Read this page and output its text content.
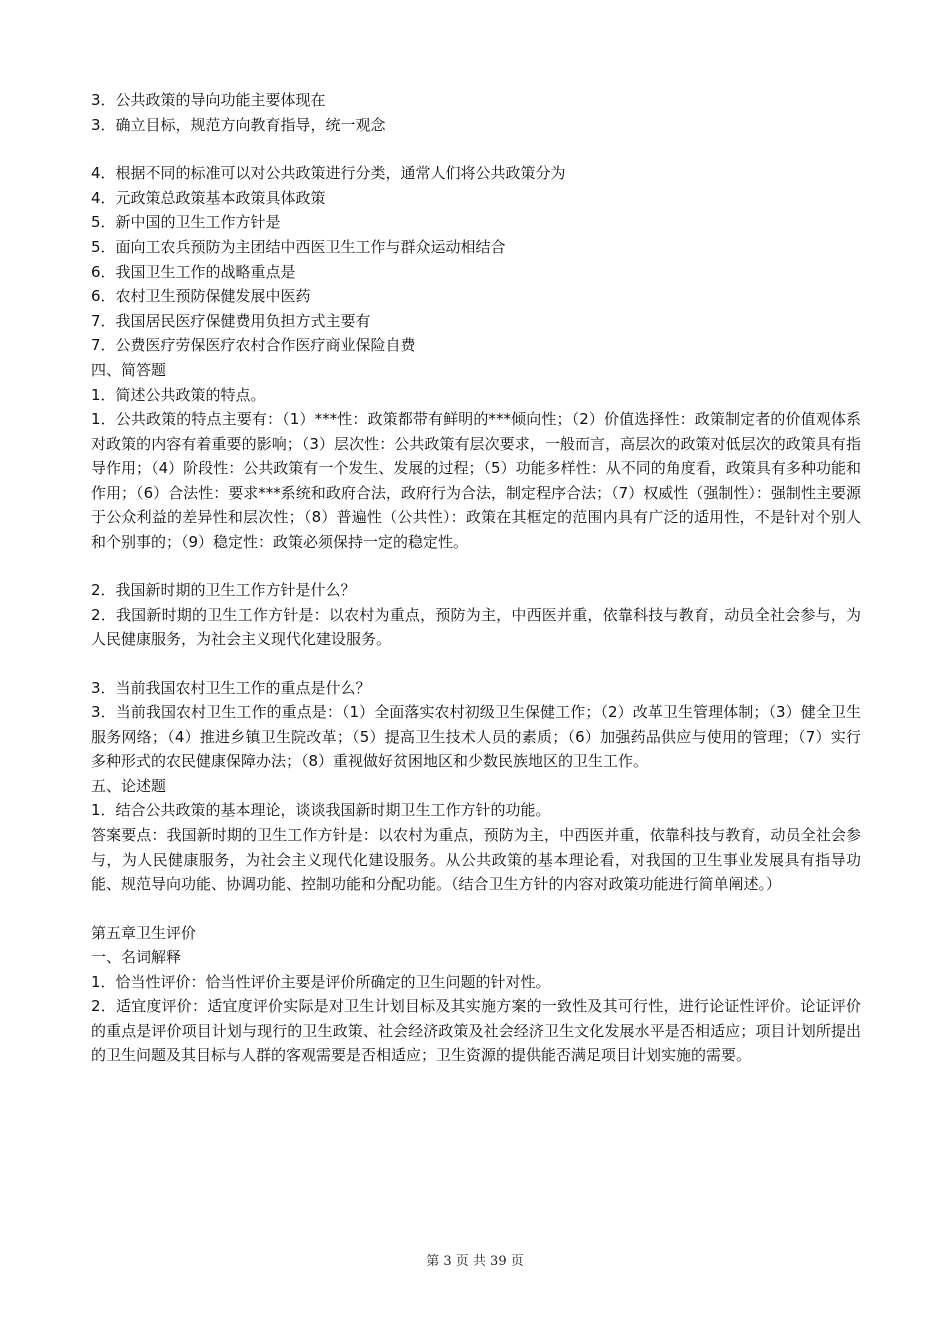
3．公共政策的导向功能主要体现在
3．确立目标，规范方向教育指导，统一观念
4．根据不同的标准可以对公共政策进行分类，通常人们将公共政策分为
4．元政策总政策基本政策具体政策
5．新中国的卫生工作方针是
5．面向工农兵预防为主团结中西医卫生工作与群众运动相结合
6．我国卫生工作的战略重点是
6．农村卫生预防保健发展中医药
7．我国居民医疗保健费用负担方式主要有
7．公费医疗劳保医疗农村合作医疗商业保险自费
四、简答题
1．简述公共政策的特点。
1．公共政策的特点主要有：（1）***性：政策都带有鲜明的***倾向性；（2）价值选择性：政策制定者的价值观体系对政策的内容有着重要的影响；（3）层次性：公共政策有层次要求，一般而言，高层次的政策对低层次的政策具有指导作用；（4）阶段性：公共政策有一个发生、发展的过程；（5）功能多样性：从不同的角度看，政策具有多种功能和作用；（6）合法性：要求***系统和政府合法，政府行为合法，制定程序合法；（7）权威性（强制性）：强制性主要源于公众利益的差异性和层次性；（8）普遍性（公共性）：政策在其框定的范围内具有广泛的适用性，不是针对个别人和个别事的；（9）稳定性：政策必须保持一定的稳定性。
2．我国新时期的卫生工作方针是什么？
2．我国新时期的卫生工作方针是：以农村为重点，预防为主，中西医并重，依靠科技与教育，动员全社会参与，为人民健康服务，为社会主义现代化建设服务。
3．当前我国农村卫生工作的重点是什么？
3．当前我国农村卫生工作的重点是：（1）全面落实农村初级卫生保健工作；（2）改革卫生管理体制；（3）健全卫生服务网络；（4）推进乡镇卫生院改革；（5）提高卫生技术人员的素质；（6）加强药品供应与使用的管理；（7）实行多种形式的农民健康保障办法；（8）重视做好贫困地区和少数民族地区的卫生工作。
五、论述题
1．结合公共政策的基本理论，谈谈我国新时期卫生工作方针的功能。
答案要点：我国新时期的卫生工作方针是：以农村为重点，预防为主，中西医并重，依靠科技与教育，动员全社会参与，为人民健康服务，为社会主义现代化建设服务。从公共政策的基本理论看，对我国的卫生事业发展具有指导功能、规范导向功能、协调功能、控制功能和分配功能。（结合卫生方针的内容对政策功能进行简单阐述。）
第五章卫生评价
一、名词解释
1．恰当性评价：恰当性评价主要是评价所确定的卫生问题的针对性。
2．适宜度评价：适宜度评价实际是对卫生计划目标及其实施方案的一致性及其可行性，进行论证性评价。论证评价的重点是评价项目计划与现行的卫生政策、社会经济政策及社会经济卫生文化发展水平是否相适应；项目计划所提出的卫生问题及其目标与人群的客观需要是否相适应；卫生资源的提供能否满足项目计划实施的需要。
第 3 页 共 39 页
